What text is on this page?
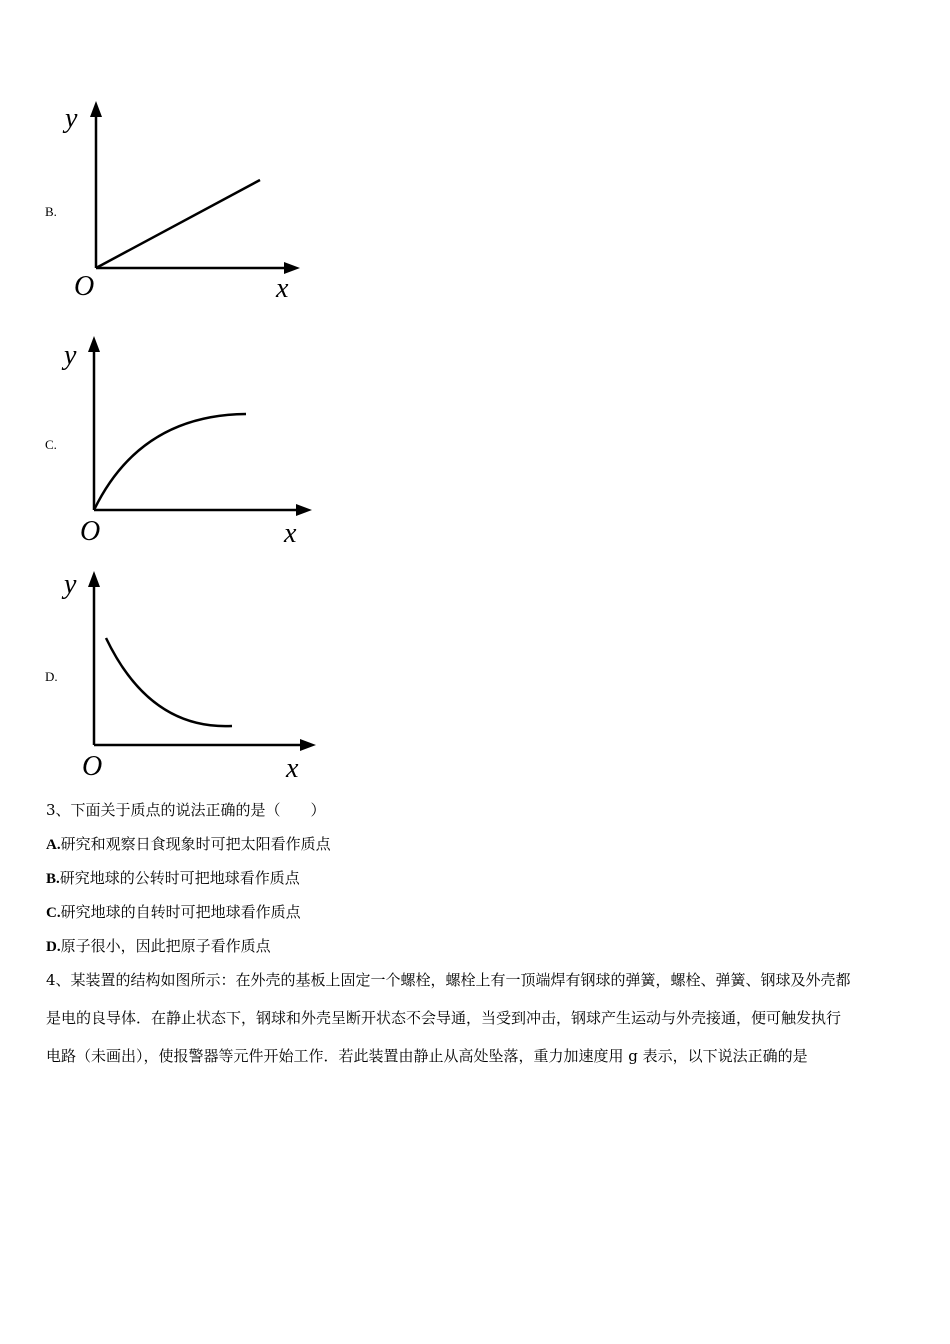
B.
y
x
O
C.
y
x
O
D.
y
x
O
3、下面关于质点的说法正确的是（　　）
A.研究和观察日食现象时可把太阳看作质点
B.研究地球的公转时可把地球看作质点
C.研究地球的自转时可把地球看作质点
D.原子很小，因此把原子看作质点
4、某装置的结构如图所示：在外壳的基板上固定一个螺栓，螺栓上有一顶端焊有钢球的弹簧，螺栓、弹簧、钢球及外壳都
是电的良导体．在静止状态下，钢球和外壳呈断开状态不会导通，当受到冲击，钢球产生运动与外壳接通，便可触发执行
电路（未画出），使报警器等元件开始工作．若此装置由静止从高处坠落，重力加速度用 g 表示，以下说法正确的是
